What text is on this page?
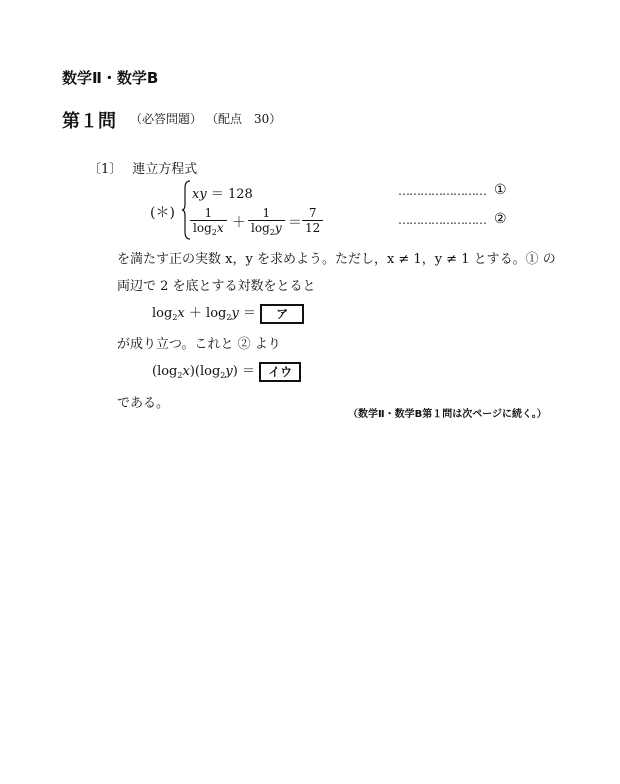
数学Ⅱ・数学B
第１問 （必答問題） （配点　30）
〔1〕 連立方程式
(＊)
xy ＝ 128
$\frac{1}{\log_2x} + \frac{1}{\log_2y} = \frac{7}{12}$
…………………… ①
…………………… ②
を満たす正の実数 x，y を求めよう。ただし，x ≠ 1，y ≠ 1 とする。① の
両辺で 2 を底とする対数をとると
$\log_2x + \log_2y$ ＝ ア
が成り立つ。これと ② より
$(\log_2x)(\log_2y)$ ＝ イウ
である。
（数学Ⅱ・数学B第１問は次ページに続く。）
